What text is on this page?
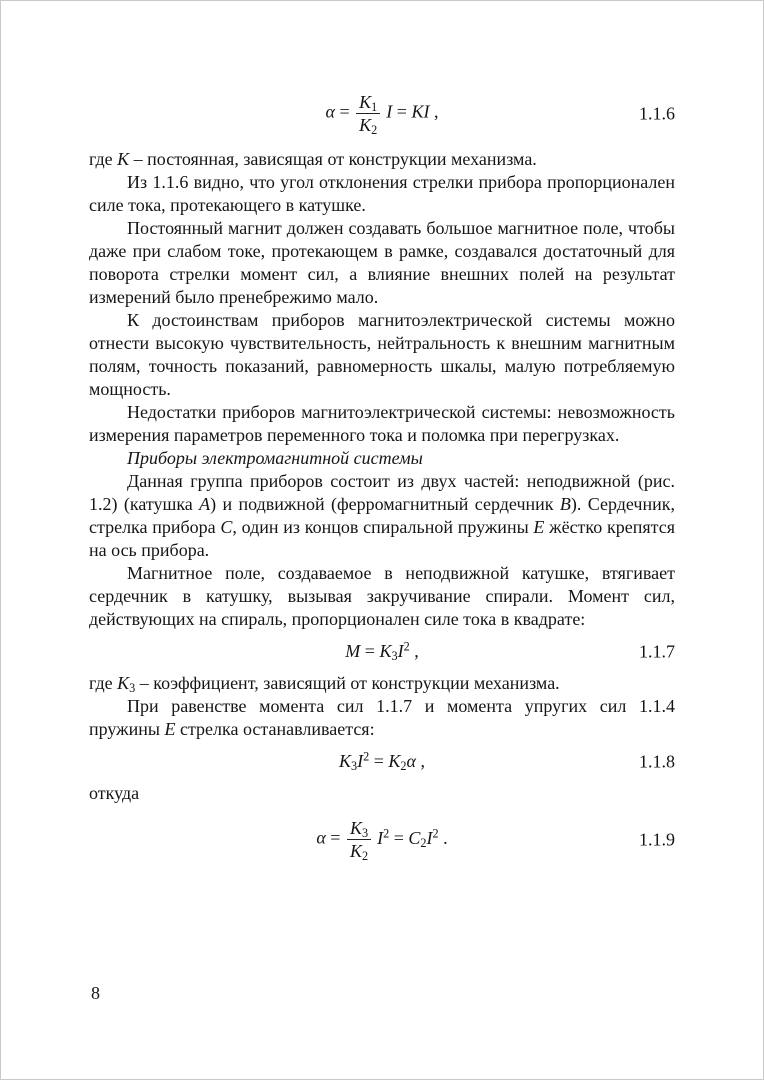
$\alpha = \frac{K_1}{K_2}$ I = KI ,	1.1.6

где K – постоянная, зависящая от конструкции механизма.

Из 1.1.6 видно, что угол отклонения стрелки прибора пропорционален силе тока, протекающего в катушке.

Постоянный магнит должен создавать большое магнитное поле, чтобы даже при слабом токе, протекающем в рамке, создавался достаточный для поворота стрелки момент сил, а влияние внешних полей на результат измерений было пренебрежимо мало.

К достоинствам приборов магнитоэлектрической системы можно отнести высокую чувствительность, нейтральность к внешним магнитным полям, точность показаний, равномерность шкалы, малую потребляемую мощность.

Недостатки приборов магнитоэлектрической системы: невозможность измерения параметров переменного тока и поломка при перегрузках.

Приборы электромагнитной системы

Данная группа приборов состоит из двух частей: неподвижной (рис. 1.2) (катушка A) и подвижной (ферромагнитный сердечник B). Сердечник, стрелка прибора C, один из концов спиральной пружины E жёстко крепятся на ось прибора.

Магнитное поле, создаваемое в неподвижной катушке, втягивает сердечник в катушку, вызывая закручивание спирали. Момент сил, действующих на спираль, пропорционален силе тока в квадрате:

$M = K_3I^2$ ,	1.1.7

где $K_3$ – коэффициент, зависящий от конструкции механизма.

При равенстве момента сил 1.1.7 и момента упругих сил 1.1.4 пружины E стрелка останавливается:

$K_3I^2 = K_2\alpha$ ,	1.1.8

откуда

$\alpha = \frac{K_3}{K_2} I^2 = C_2I^2$ .	1.1.9
8
